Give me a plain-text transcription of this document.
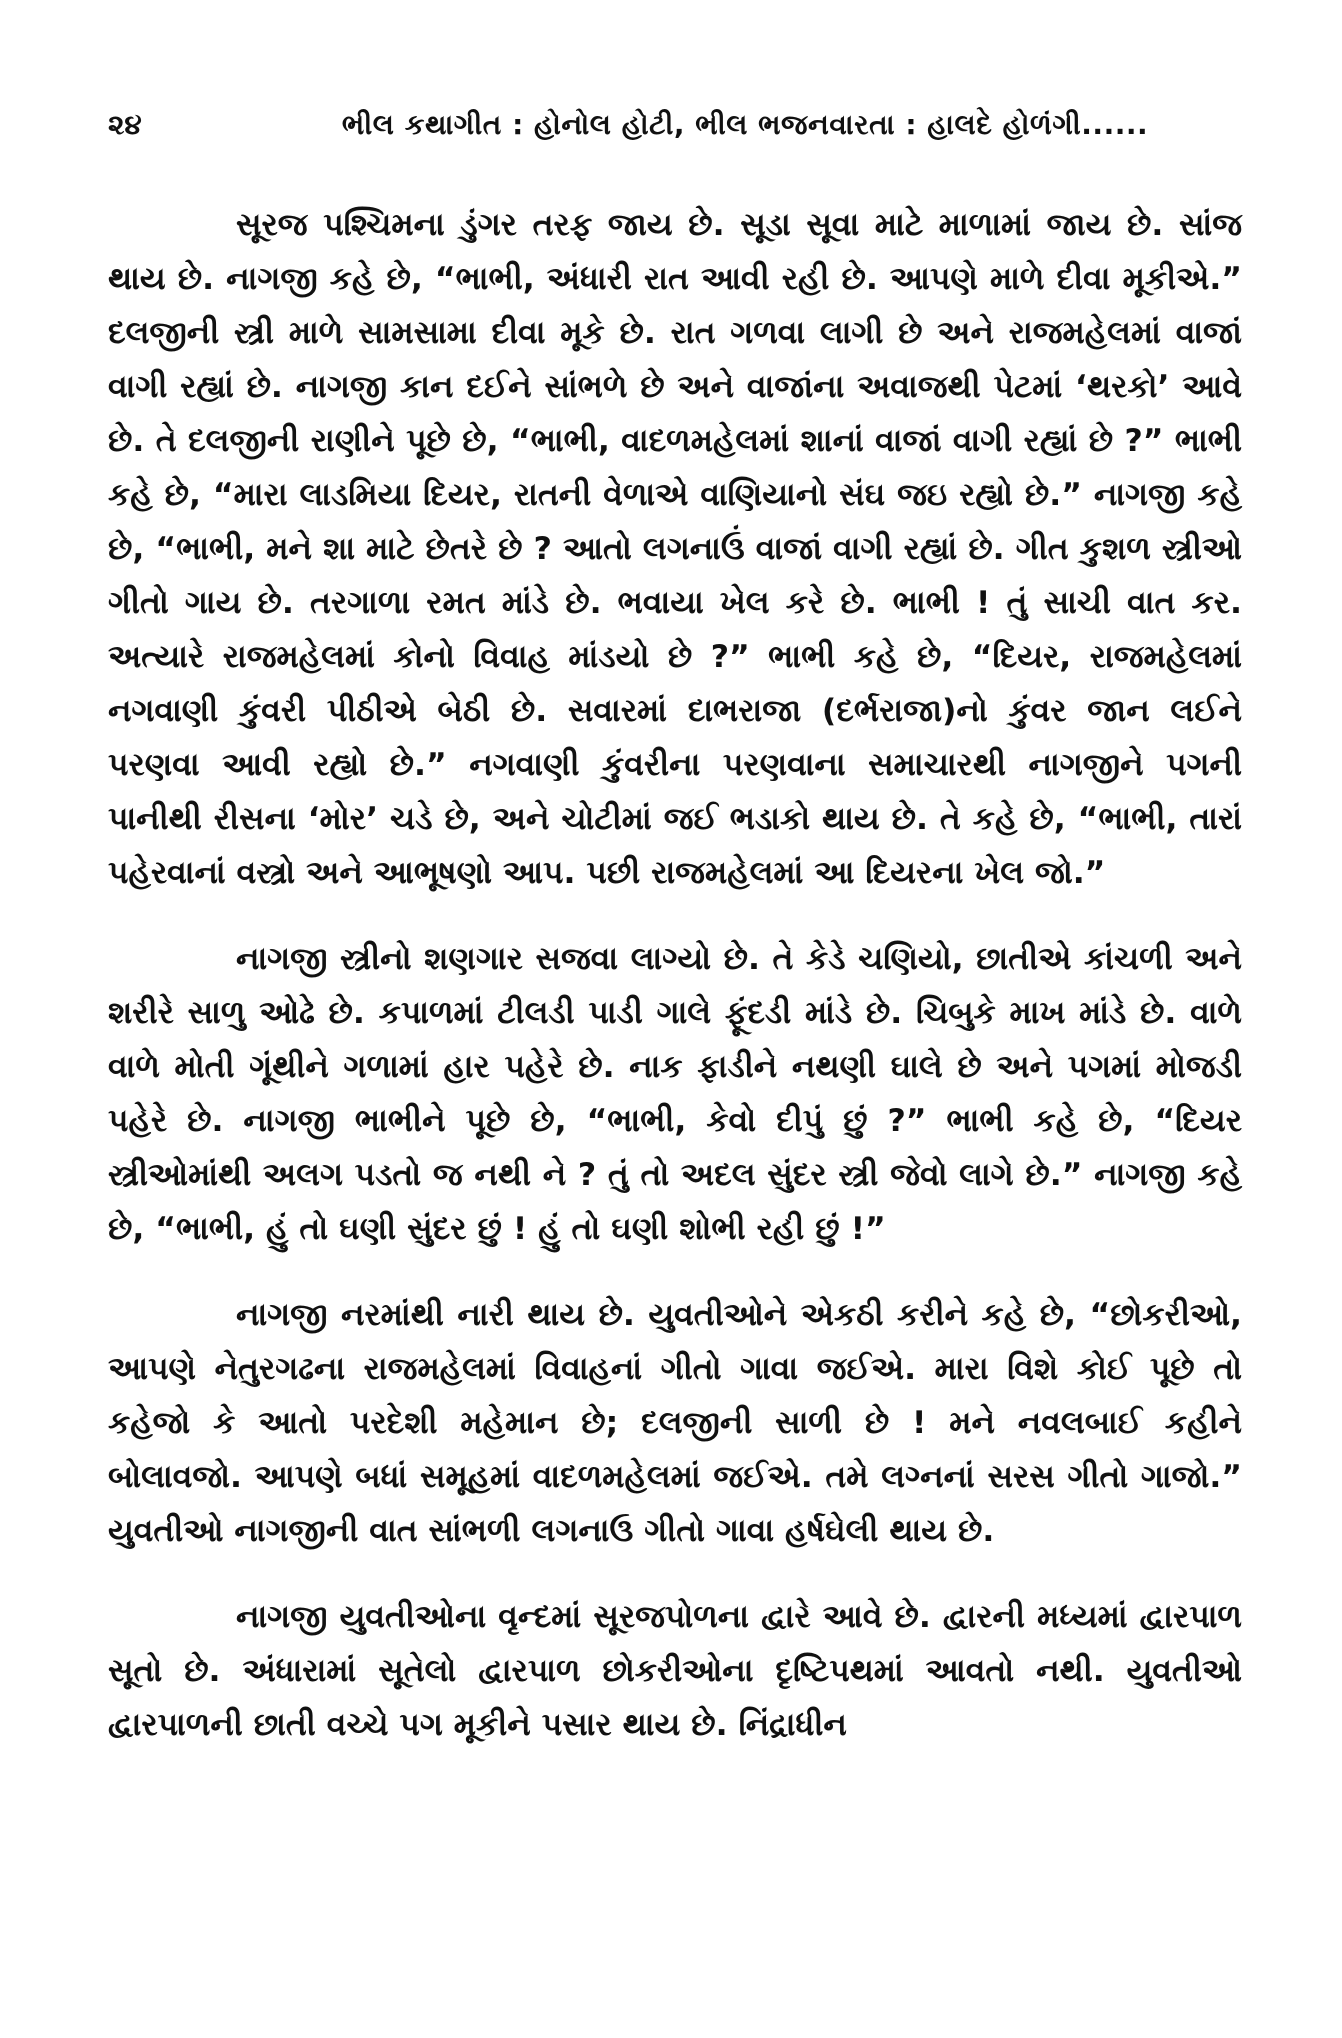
૨૪	ભીલ કથાગીત : હોનોલ હોટી, ભીલ ભજનવારતા : હાલદે હોળંગી......

સૂરજ પશ્ચિમના ડુંગર તરફ જાય છે. સૂડા સૂવા માટે માળામાં જાય છે. સાંજ થાય છે. નાગજી કહે છે, “ભાભી, અંધારી રાત આવી રહી છે. આપણે માળે દીવા મૂકીએ.” દલજીની સ્ત્રી માળે સામસામા દીવા મૂકે છે. રાત ગળવા લાગી છે અને રાજમહેલમાં વાજાં વાગી રહ્યાં છે. નાગજી કાન દઈને સાંભળે છે અને વાજાંના અવાજથી પેટમાં ‘થરકો’ આવે છે. તે દલજીની રાણીને પૂછે છે, “ભાભી, વાદળમહેલમાં શાનાં વાજાં વાગી રહ્યાં છે ?” ભાભી કહે છે, “મારા લાડમિયા દિયર, રાતની વેળાએ વાણિયાનો સંઘ જઇ રહ્યો છે.” નાગજી કહે છે, “ભાભી, મને શા માટે છેતરે છે ? આતો લગનાઉં વાજાં વાગી રહ્યાં છે. ગીત કુશળ સ્ત્રીઓ ગીતો ગાય છે. તરગાળા રમત માંડે છે. ભવાયા ખેલ કરે છે. ભાભી ! તું સાચી વાત કર. અત્યારે રાજમહેલમાં કોનો વિવાહ માંડયો છે ?” ભાભી કહે છે, “દિયર, રાજમહેલમાં નગવાણી કુંવરી પીઠીએ બેઠી છે. સવારમાં દાભરાજા (દર્ભરાજા)નો કુંવર જાન લઈને પરણવા આવી રહ્યો છે.” નગવાણી કુંવરીના પરણવાના સમાચારથી નાગજીને પગની પાનીથી રીસના ‘મોર’ ચડે છે, અને ચોટીમાં જઈ ભડાકો થાય છે. તે કહે છે, “ભાભી, તારાં પહેરવાનાં વસ્ત્રો અને આભૂષણો આપ. પછી રાજમહેલમાં આ દિયરના ખેલ જો.”

નાગજી સ્ત્રીનો શણગાર સજવા લાગ્યો છે. તે કેડે ચણિયો, છાતીએ કાંચળી અને શરીરે સાળુ ઓઢે છે. કપાળમાં ટીલડી પાડી ગાલે ફૂંદડી માંડે છે. ચિબુકે માખ માંડે છે. વાળે વાળે મોતી ગૂંથીને ગળામાં હાર પહેરે છે. નાક ફાડીને નથણી ઘાલે છે અને પગમાં મોજડી પહેરે છે. નાગજી ભાભીને પૂછે છે, “ભાભી, કેવો દીપું છું ?” ભાભી કહે છે, “દિયર સ્ત્રીઓમાંથી અલગ પડતો જ નથી ને ? તું તો અદલ સુંદર સ્ત્રી જેવો લાગે છે.” નાગજી કહે છે, “ભાભી, હું તો ઘણી સુંદર છું ! હું તો ઘણી શોભી રહી છું !”

નાગજી નરમાંથી નારી થાય છે. યુવતીઓને એકઠી કરીને કહે છે, “છોકરીઓ, આપણે નેતુરગઢના રાજમહેલમાં વિવાહનાં ગીતો ગાવા જઈએ. મારા વિશે કોઈ પૂછે તો કહેજો કે આતો પરદેશી મહેમાન છે; દલજીની સાળી છે ! મને નવલબાઈ કહીને બોલાવજો. આપણે બધાં સમૂહમાં વાદળમહેલમાં જઈએ. તમે લગ્નનાં સરસ ગીતો ગાજો.” યુવતીઓ નાગજીની વાત સાંભળી લગનાઉ ગીતો ગાવા હર્ષઘેલી થાય છે.

નાગજી યુવતીઓના વૃન્દમાં સૂરજપોળના દ્વારે આવે છે. દ્વારની મધ્યમાં દ્વારપાળ સૂતો છે. અંધારામાં સૂતેલો દ્વારપાળ છોકરીઓના દૃષ્ટિપથમાં આવતો નથી. યુવતીઓ દ્વારપાળની છાતી વચ્ચે પગ મૂકીને પસાર થાય છે. નિંદ્રાધીન
